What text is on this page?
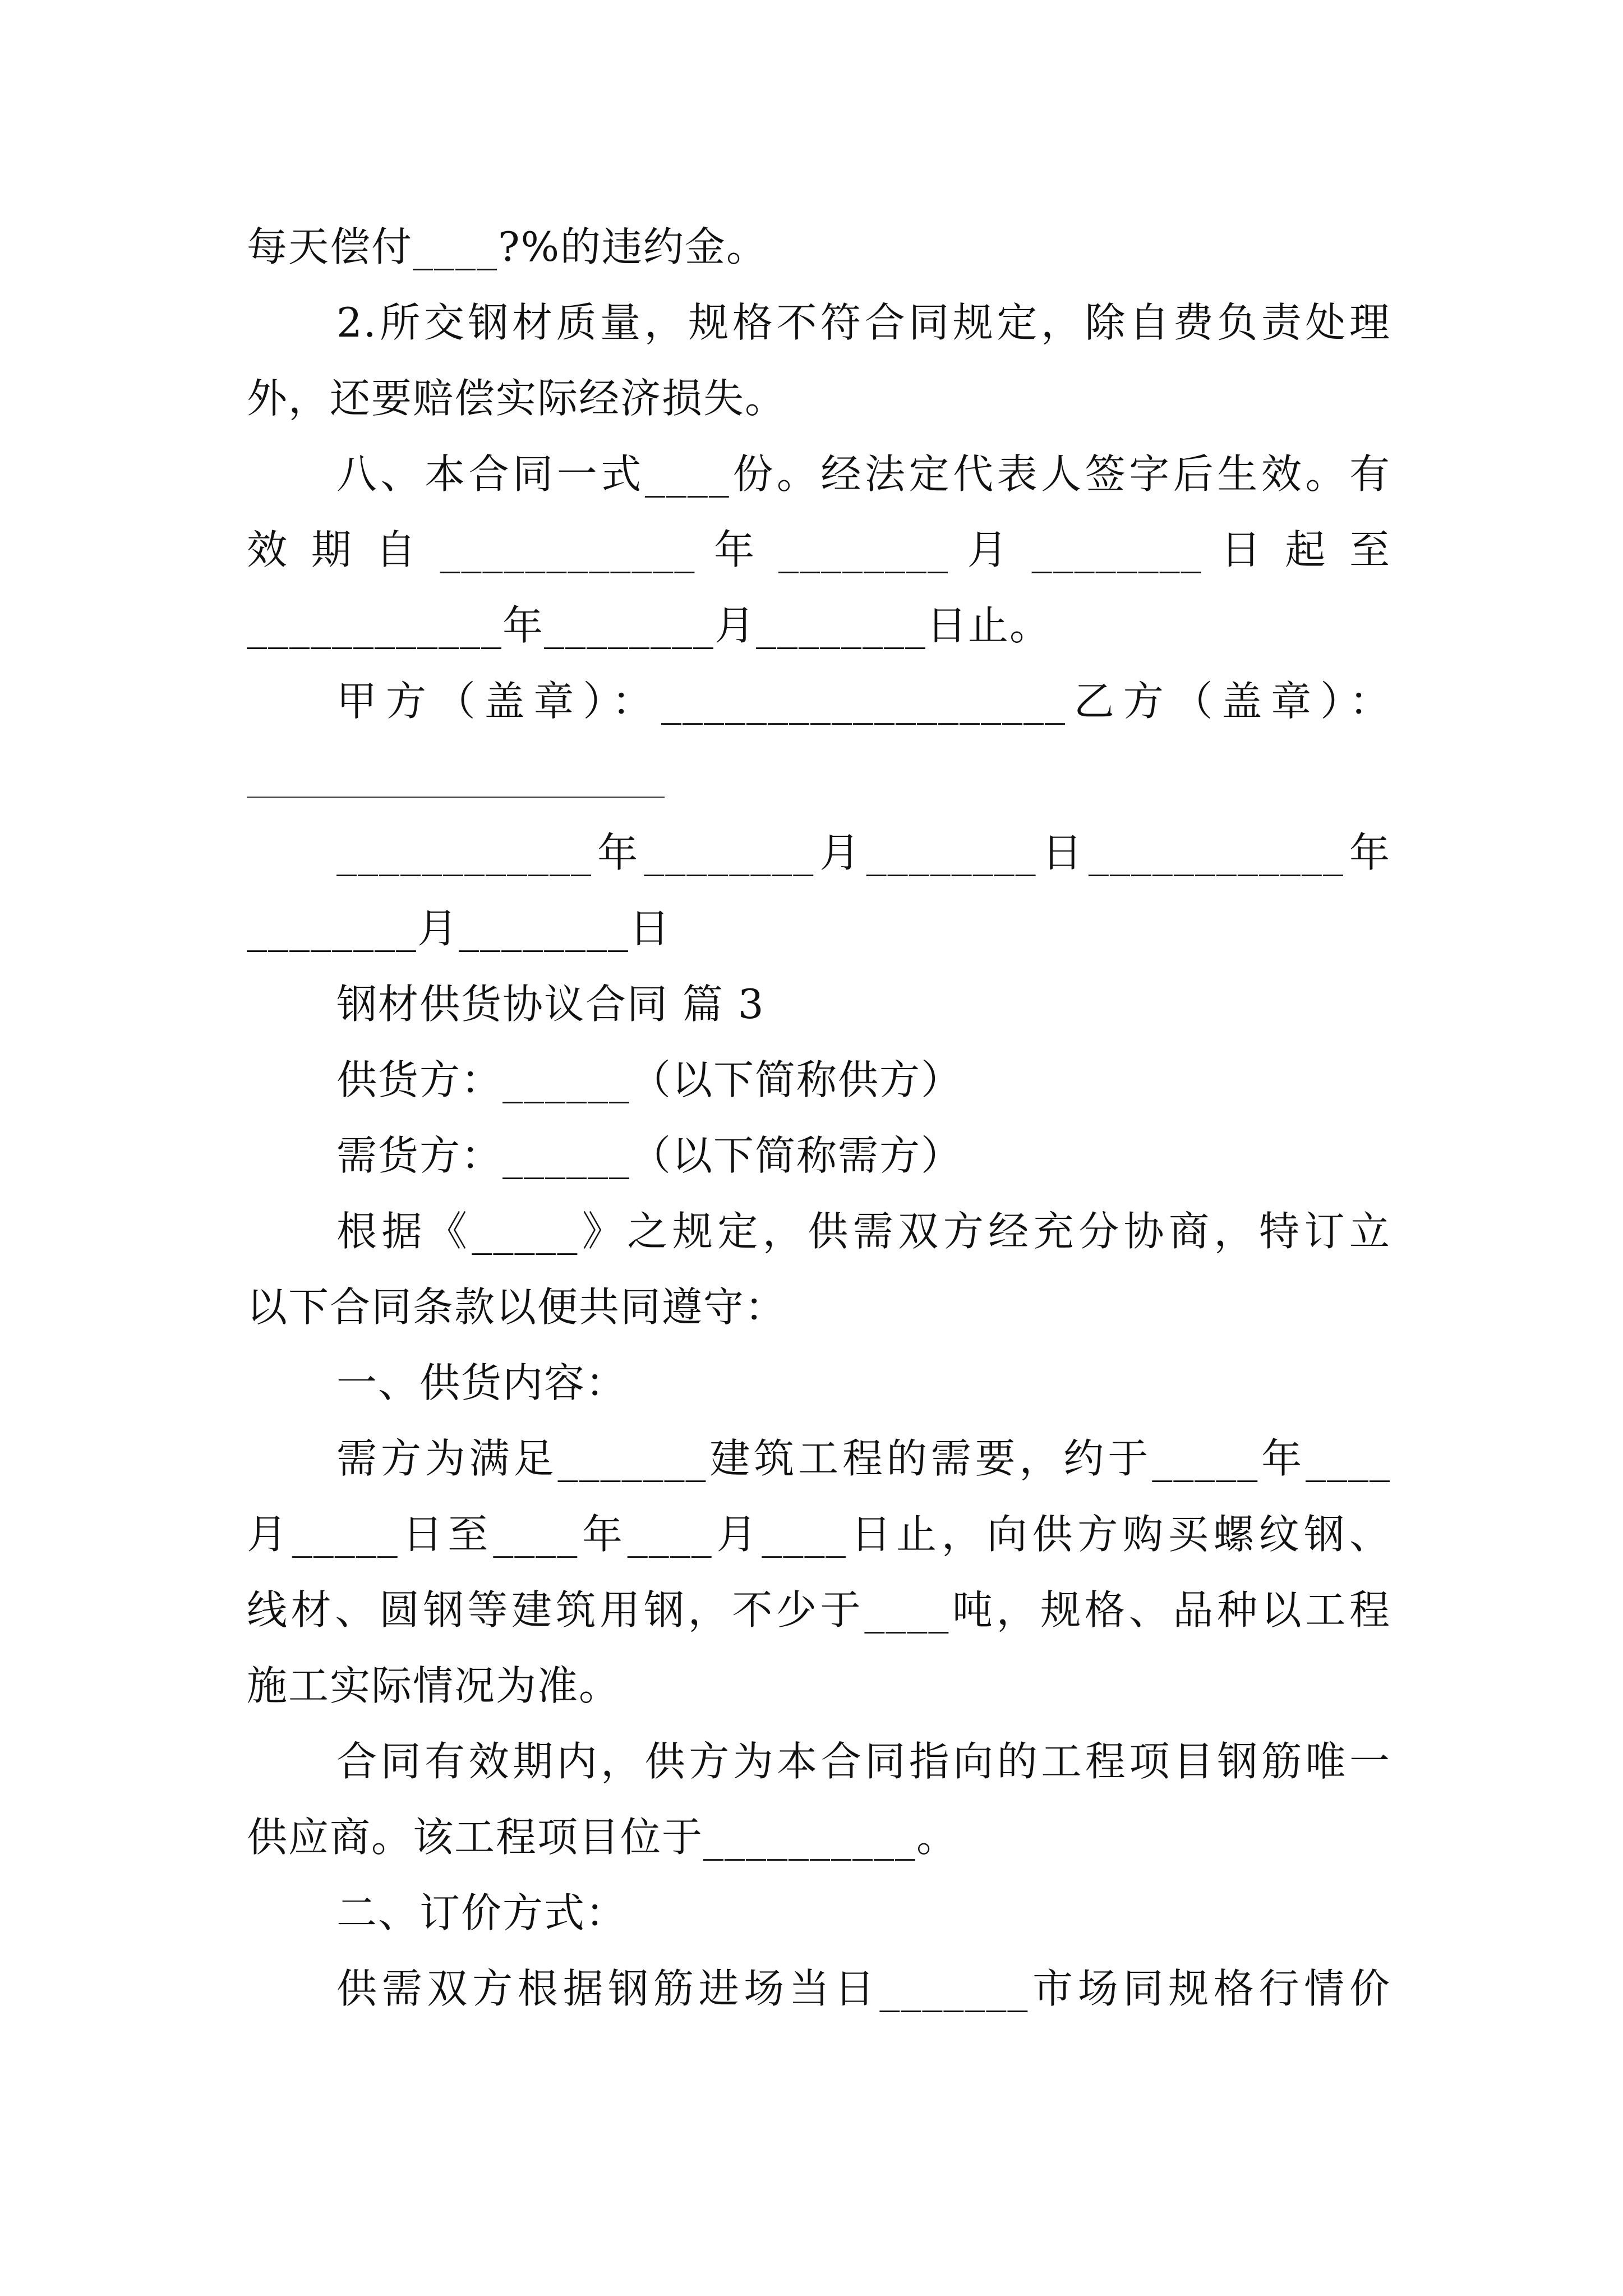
每天偿付____?%的违约金。
2.所交钢材质量，规格不符合同规定，除自费负责处理
外，还要赔偿实际经济损失。
八、本合同一式____份。经法定代表人签字后生效。有
效 期 自 ____________ 年 ________ 月 ________ 日 起 至
____________年________月________日止。
甲方（盖章）：___________________乙方（盖章）：
____________年________月________日____________年
________月________日
钢材供货协议合同 篇 3
供货方：______（以下简称供方）
需货方：______（以下简称需方）
根据《_____》之规定，供需双方经充分协商，特订立
以下合同条款以便共同遵守：
一、供货内容：
需方为满足_______建筑工程的需要，约于_____年____
月_____日至____年____月____日止，向供方购买螺纹钢、
线材、圆钢等建筑用钢，不少于____吨，规格、品种以工程
施工实际情况为准。
合同有效期内，供方为本合同指向的工程项目钢筋唯一
供应商。该工程项目位于__________。
二、订价方式：
供需双方根据钢筋进场当日_______市场同规格行情价
